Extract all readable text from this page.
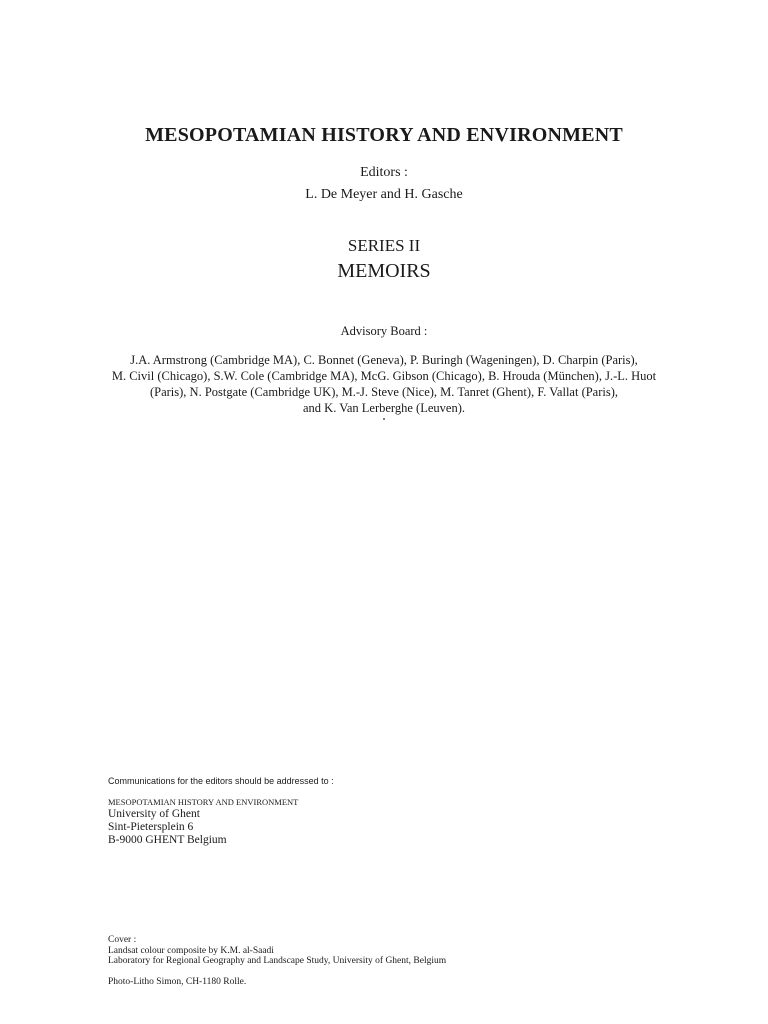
MESOPOTAMIAN HISTORY AND ENVIRONMENT
Editors :
L. De Meyer and H. Gasche
SERIES II
MEMOIRS
Advisory Board :
J.A. Armstrong (Cambridge MA), C. Bonnet (Geneva), P. Buringh (Wageningen), D. Charpin (Paris),
M. Civil (Chicago), S.W. Cole (Cambridge MA), McG. Gibson (Chicago), B. Hrouda (München), J.-L. Huot
(Paris), N. Postgate (Cambridge UK), M.-J. Steve (Nice), M. Tanret (Ghent), F. Vallat (Paris),
and K. Van Lerberghe (Leuven).
Communications for the editors should be addressed to :
MESOPOTAMIAN HISTORY AND ENVIRONMENT
University of Ghent
Sint-Pietersplein 6
B-9000 GHENT Belgium
Cover :
Landsat colour composite by K.M. al-Saadi
Laboratory for Regional Geography and Landscape Study, University of Ghent, Belgium
Photo-Litho Simon, CH-1180 Rolle.
